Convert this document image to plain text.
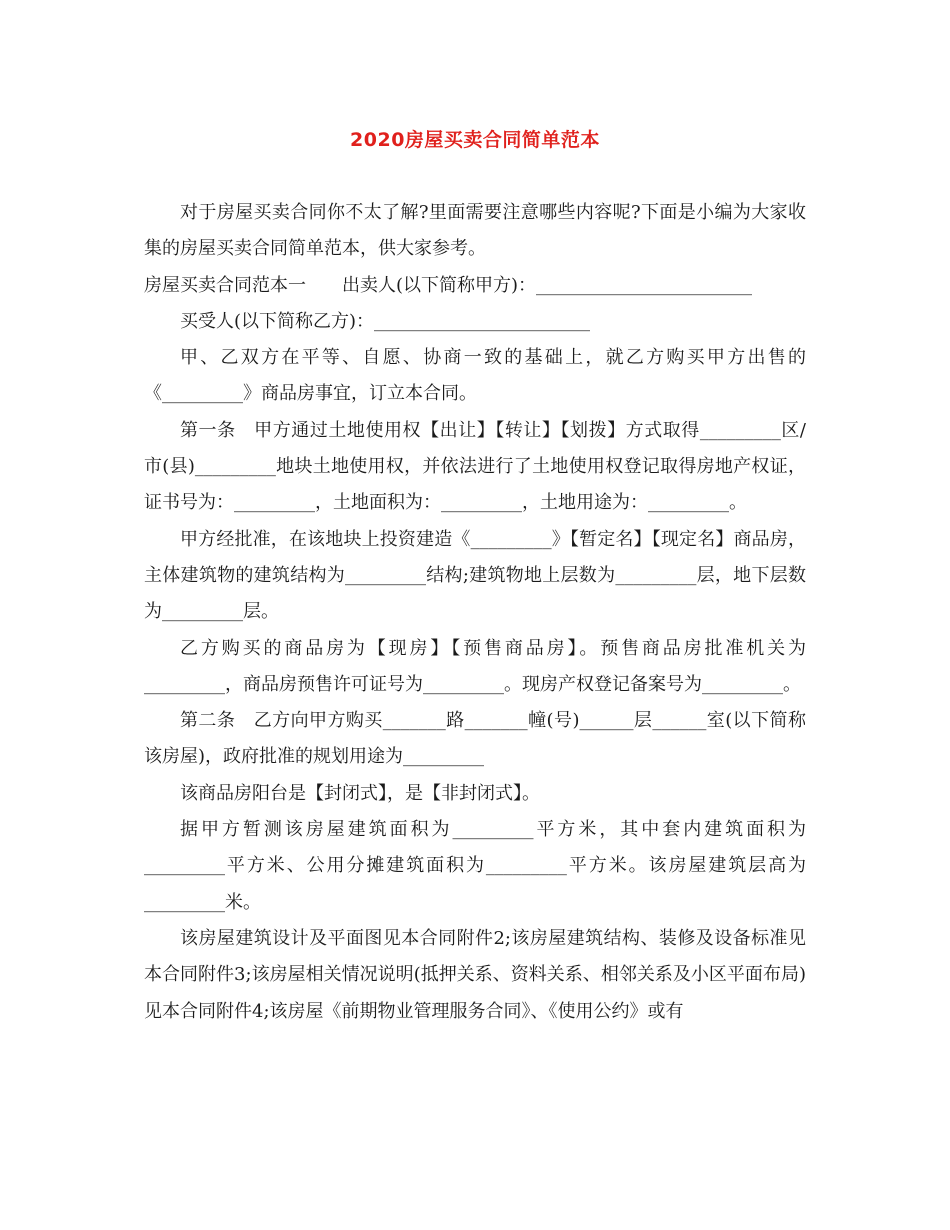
2020房屋买卖合同简单范本

对于房屋买卖合同你不太了解?里面需要注意哪些内容呢?下面是小编为大家收集的房屋买卖合同简单范本，供大家参考。

房屋买卖合同范本一　　出卖人(以下简称甲方)：________________________

买受人(以下简称乙方)：________________________

甲、乙双方在平等、自愿、协商一致的基础上，就乙方购买甲方出售的《_________》商品房事宜，订立本合同。

第一条　甲方通过土地使用权【出让】【转让】【划拨】方式取得_________区/市(县)_________地块土地使用权，并依法进行了土地使用权登记取得房地产权证，证书号为：_________，土地面积为：_________，土地用途为：_________。

甲方经批准，在该地块上投资建造《_________》【暂定名】【现定名】商品房，主体建筑物的建筑结构为_________结构;建筑物地上层数为_________层，地下层数为_________层。

乙方购买的商品房为【现房】【预售商品房】。预售商品房批准机关为_________，商品房预售许可证号为_________。现房产权登记备案号为_________。

第二条　乙方向甲方购买_______路_______幢(号)______层______室(以下简称该房屋)，政府批准的规划用途为_________

该商品房阳台是【封闭式】，是【非封闭式】。

据甲方暂测该房屋建筑面积为_________平方米，其中套内建筑面积为_________平方米、公用分摊建筑面积为_________平方米。该房屋建筑层高为_________米。

该房屋建筑设计及平面图见本合同附件2;该房屋建筑结构、装修及设备标准见本合同附件3;该房屋相关情况说明(抵押关系、资料关系、相邻关系及小区平面布局)见本合同附件4;该房屋《前期物业管理服务合同》、《使用公约》或有
